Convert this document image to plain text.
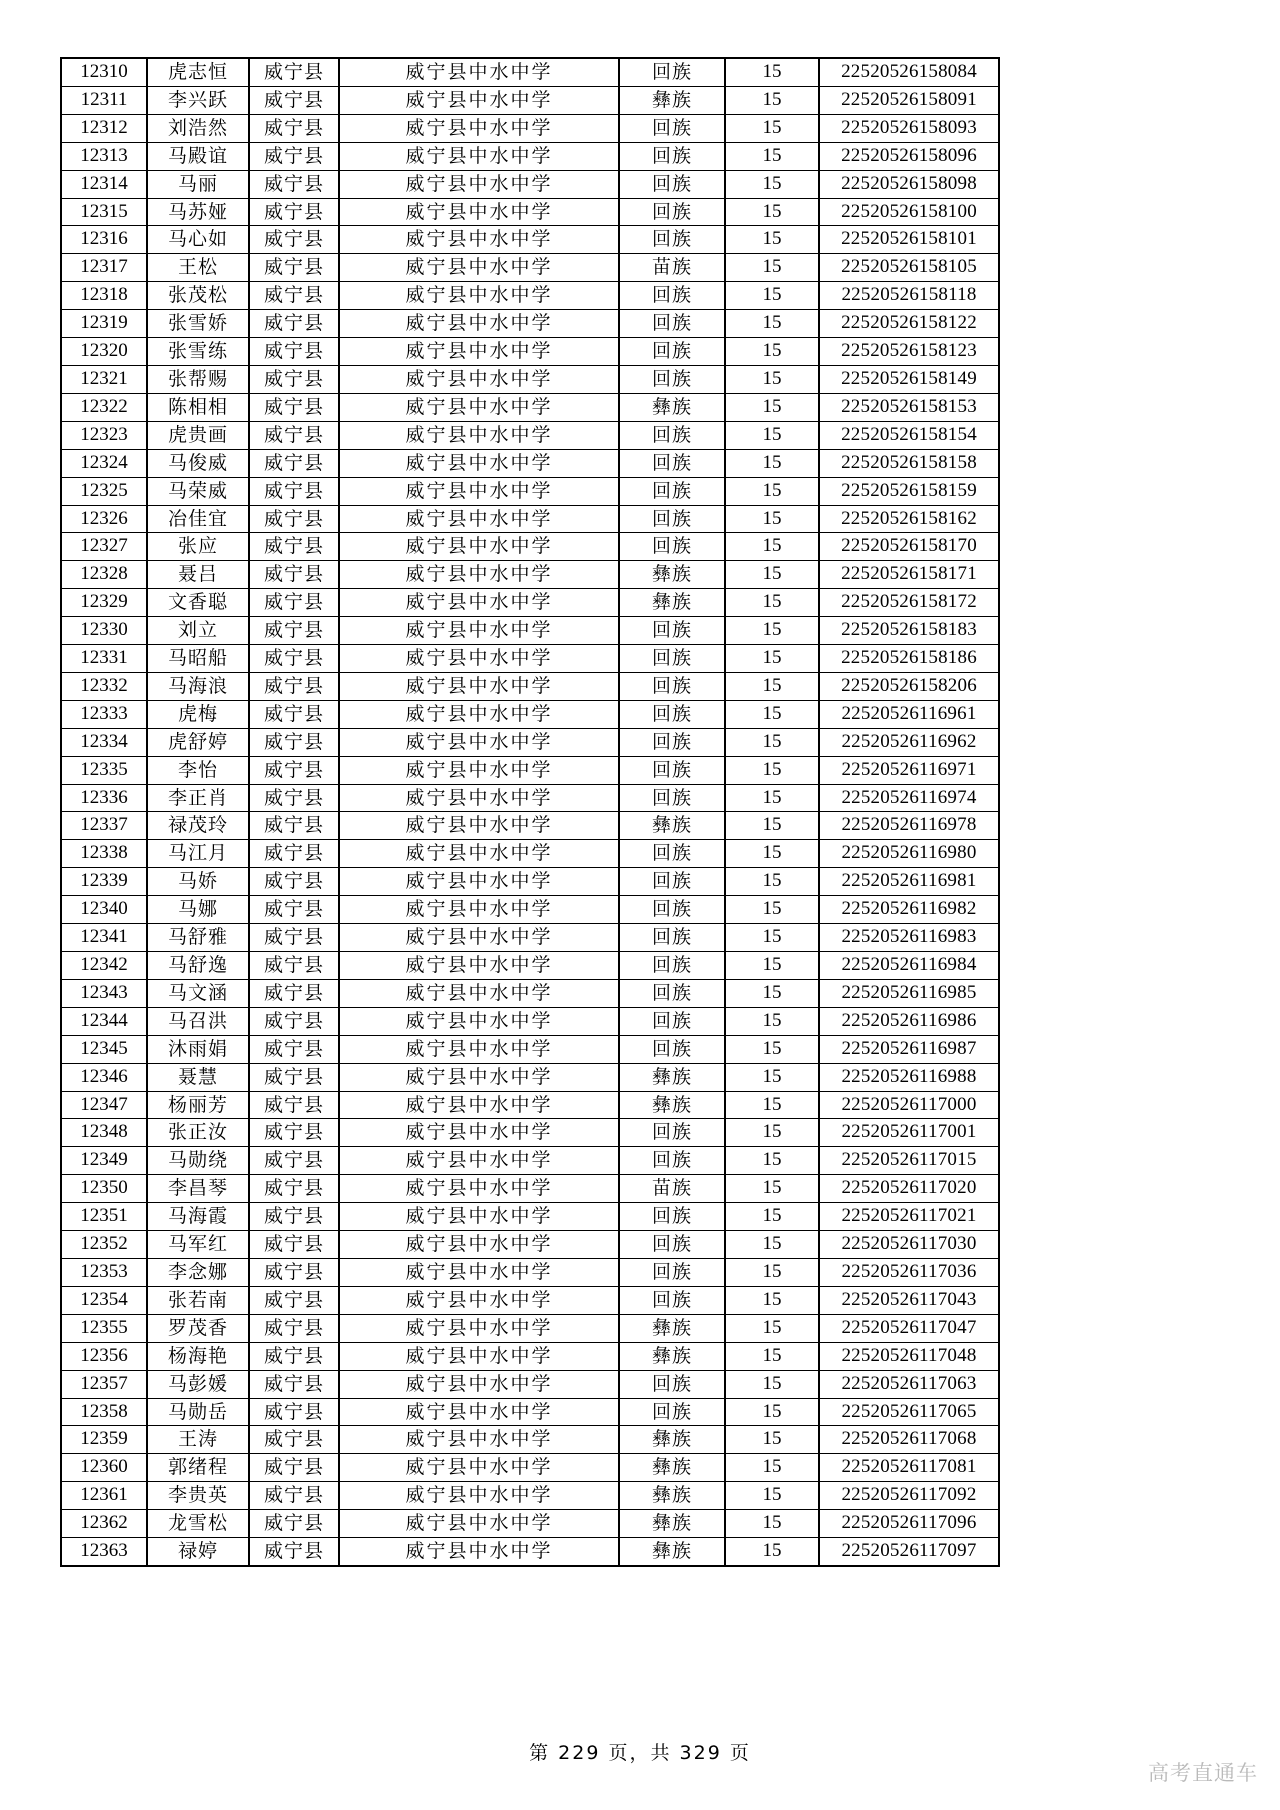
12310	虎志恒	威宁县	威宁县中水中学	回族	15	22520526158084
12311	李兴跃	威宁县	威宁县中水中学	彝族	15	22520526158091
12312	刘浩然	威宁县	威宁县中水中学	回族	15	22520526158093
12313	马殿谊	威宁县	威宁县中水中学	回族	15	22520526158096
12314	马丽	威宁县	威宁县中水中学	回族	15	22520526158098
12315	马苏娅	威宁县	威宁县中水中学	回族	15	22520526158100
12316	马心如	威宁县	威宁县中水中学	回族	15	22520526158101
12317	王松	威宁县	威宁县中水中学	苗族	15	22520526158105
12318	张茂松	威宁县	威宁县中水中学	回族	15	22520526158118
12319	张雪娇	威宁县	威宁县中水中学	回族	15	22520526158122
12320	张雪练	威宁县	威宁县中水中学	回族	15	22520526158123
12321	张帮赐	威宁县	威宁县中水中学	回族	15	22520526158149
12322	陈相相	威宁县	威宁县中水中学	彝族	15	22520526158153
12323	虎贵画	威宁县	威宁县中水中学	回族	15	22520526158154
12324	马俊威	威宁县	威宁县中水中学	回族	15	22520526158158
12325	马荣威	威宁县	威宁县中水中学	回族	15	22520526158159
12326	冶佳宜	威宁县	威宁县中水中学	回族	15	22520526158162
12327	张应	威宁县	威宁县中水中学	回族	15	22520526158170
12328	聂吕	威宁县	威宁县中水中学	彝族	15	22520526158171
12329	文香聪	威宁县	威宁县中水中学	彝族	15	22520526158172
12330	刘立	威宁县	威宁县中水中学	回族	15	22520526158183
12331	马昭船	威宁县	威宁县中水中学	回族	15	22520526158186
12332	马海浪	威宁县	威宁县中水中学	回族	15	22520526158206
12333	虎梅	威宁县	威宁县中水中学	回族	15	22520526116961
12334	虎舒婷	威宁县	威宁县中水中学	回族	15	22520526116962
12335	李怡	威宁县	威宁县中水中学	回族	15	22520526116971
12336	李正肖	威宁县	威宁县中水中学	回族	15	22520526116974
12337	禄茂玲	威宁县	威宁县中水中学	彝族	15	22520526116978
12338	马江月	威宁县	威宁县中水中学	回族	15	22520526116980
12339	马娇	威宁县	威宁县中水中学	回族	15	22520526116981
12340	马娜	威宁县	威宁县中水中学	回族	15	22520526116982
12341	马舒雅	威宁县	威宁县中水中学	回族	15	22520526116983
12342	马舒逸	威宁县	威宁县中水中学	回族	15	22520526116984
12343	马文涵	威宁县	威宁县中水中学	回族	15	22520526116985
12344	马召洪	威宁县	威宁县中水中学	回族	15	22520526116986
12345	沐雨娟	威宁县	威宁县中水中学	回族	15	22520526116987
12346	聂慧	威宁县	威宁县中水中学	彝族	15	22520526116988
12347	杨丽芳	威宁县	威宁县中水中学	彝族	15	22520526117000
12348	张正汝	威宁县	威宁县中水中学	回族	15	22520526117001
12349	马勋绕	威宁县	威宁县中水中学	回族	15	22520526117015
12350	李昌琴	威宁县	威宁县中水中学	苗族	15	22520526117020
12351	马海霞	威宁县	威宁县中水中学	回族	15	22520526117021
12352	马军红	威宁县	威宁县中水中学	回族	15	22520526117030
12353	李念娜	威宁县	威宁县中水中学	回族	15	22520526117036
12354	张若南	威宁县	威宁县中水中学	回族	15	22520526117043
12355	罗茂香	威宁县	威宁县中水中学	彝族	15	22520526117047
12356	杨海艳	威宁县	威宁县中水中学	彝族	15	22520526117048
12357	马彭媛	威宁县	威宁县中水中学	回族	15	22520526117063
12358	马勋岳	威宁县	威宁县中水中学	回族	15	22520526117065
12359	王涛	威宁县	威宁县中水中学	彝族	15	22520526117068
12360	郭绪程	威宁县	威宁县中水中学	彝族	15	22520526117081
12361	李贵英	威宁县	威宁县中水中学	彝族	15	22520526117092
12362	龙雪松	威宁县	威宁县中水中学	彝族	15	22520526117096
12363	禄婷	威宁县	威宁县中水中学	彝族	15	22520526117097
第 229 页，共 329 页
高考直通车
